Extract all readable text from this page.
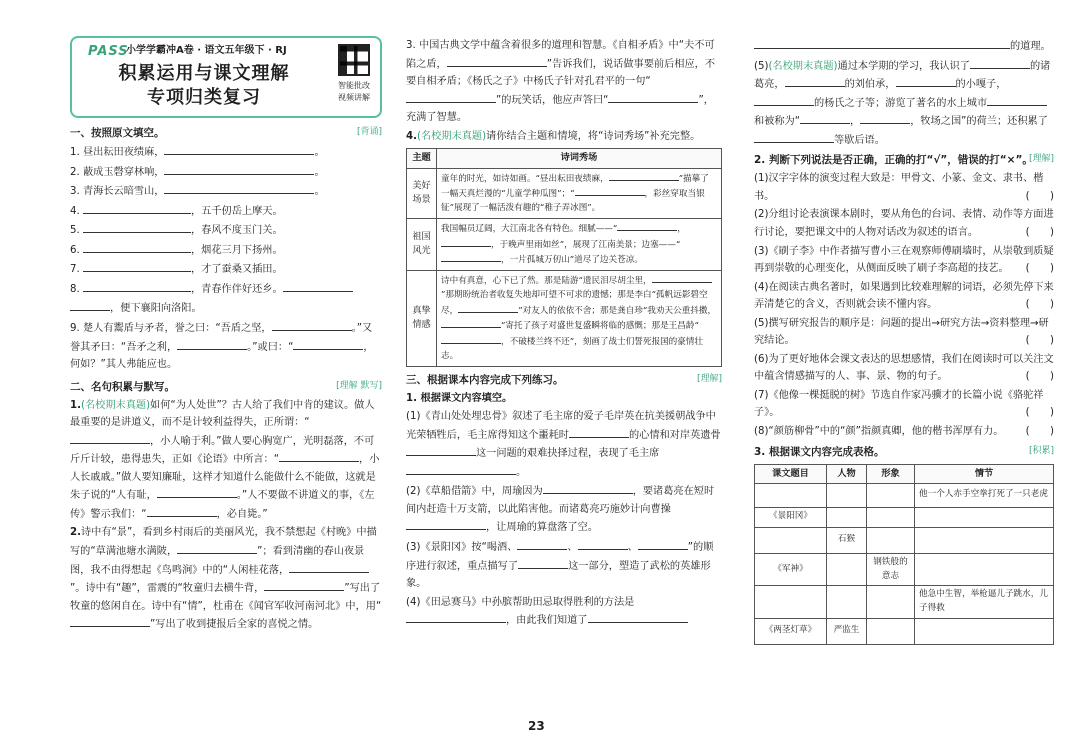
PASS
小学学霸冲A卷 · 语文五年级下 · RJ
积累运用与课文理解
专项归类复习
智能批改
视频讲解
一、按照原文填空。	[背诵]
1. 昼出耘田夜绩麻，	。
2. 蔽成玉磬穿林响，	。
3. 青海长云暗雪山，	。
4.	，五千仞岳上摩天。
5.	，春风不度玉门关。
6.	，烟花三月下扬州。
7.	，才了蚕桑又插田。
8.	，青春作伴好还乡。
，便下襄阳向洛阳。
9. 楚人有鬻盾与矛者，誉之曰：“吾盾之坚，	。”又誉其矛曰：“吾矛之利，	。”或曰：“	，何如？”其人弗能应也。
二、名句积累与默写。	[理解 默写]
1.(名校期末真题)如何“为人处世”？古人给了我们中肯的建议。做人最重要的是讲道义，而不是计较利益得失，正所谓：“，小人喻于利。”做人要心胸宽广，光明磊落，不可斤斤计较，患得患失，正如《论语》中所言：“	，小人长戚戚。”做人要知廉耻，这样才知道什么能做什么不能做，这就是朱子说的“人有耻，	。”人不要做不讲道义的事，《左传》警示我们：“	，必自毙。”
2.诗中有“景”，看到乡村雨后的美丽风光，我不禁想起《村晚》中描写的“草满池塘水满陂，	”；看到清幽的春山夜景图，我不由得想起《鸟鸣涧》中的“人闲桂花落，”。诗中有“趣”，雷震的“牧童归去横牛背，	”写出了牧童的悠闲自在。诗中有“情”，杜甫在《闻官军收河南河北》中，用“”写出了收到捷报后全家的喜悦之情。
3. 中国古典文学中蕴含着很多的道理和智慧。《自相矛盾》中“夫不可陷之盾，	”告诉我们，说话做事要前后相应，不要自相矛盾；《杨氏之子》中杨氏子针对孔君平的一句“”的玩笑话，他应声答曰“	”，充满了智慧。
4.(名校期末真题)请你结合主题和情境，将“诗词秀场”补充完整。
主题	诗词秀场
美好场景	童年的时光，如诗如画。“昼出耘田夜绩麻， ”描摹了一幅天真烂漫的“儿童学种瓜图”；“ ，彩丝穿取当银钲”展现了一幅活泼有趣的“稚子弄冰图”。
祖国风光	我国幅员辽阔，大江南北各有特色。细腻——“ ，，于晚声里雨如丝”，展现了江南美景；边塞——“，一片孤城万仞山”道尽了边关苍凉。
真挚情感	诗中有真意，心下已了然。那是陆游“遗民泪尽胡尘里，”那期盼统治者收复失地却可望不可求的遗憾；那是李白“孤帆远影碧空尽， ”对友人的依依不舍；那是龚自珍“我劝天公重抖擞，”寄托了孩子对盛世复盛瞬将临的感慨；那是王昌龄“，不破楼兰终不还”，刻画了战士们誓死报国的豪情壮志。
三、根据课本内容完成下列练习。	[理解]
1. 根据课文内容填空。
(1)《青山处处埋忠骨》叙述了毛主席的爱子毛岸英在抗美援朝战争中光荣牺牲后，毛主席得知这个噩耗时	的心情和对岸英遗骨这一问题的艰难抉择过程，表现了毛主席。
(2)《草船借箭》中，周瑜因为	，要诸葛亮在短时间内赶造十万支箭，以此陷害他。而诸葛亮巧施妙计向曹操，让周瑜的算盘落了空。
(3)《景阳冈》按“喝酒、	、	、	”的顺序进行叙述，重点描写了	这一部分，塑造了武松的英雄形象。
(4)《田忌赛马》中孙膑帮助田忌取得胜利的方法是，由此我们知道了
的道理。
(5)(名校期末真题)通过本学期的学习，我认识了	的诸葛亮，	的刘伯承，	的小嘎子，的杨氏之子等；游览了著名的水上城市和被称为“	，	，牧场之国”的荷兰；还积累了等歇后语。
2. 判断下列说法是否正确，正确的打“√”，错误的打“×”。
[理解]
(1)汉字字体的演变过程大致是：甲骨文、小篆、金文、隶书、楷书。	(　　)
(2)分组讨论表演课本剧时，要从角色的台词、表情、动作等方面进行讨论，要把课文中的人物对话改为叙述的语言。	(　　)
(3)《刷子李》中作者描写曹小三在观察师傅刷墙时，从崇敬到质疑再到崇敬的心理变化，从侧面反映了刷子李高超的技艺。 (　　)
(4)在阅读古典名著时，如果遇到比较难理解的词语，必须先停下来弄清楚它的含义，否则就会读不懂内容。	(　　)
(5)撰写研究报告的顺序是：问题的提出→研究方法→资料整理→研究结论。	(　　)
(6)为了更好地体会课文表达的思想感情，我们在阅读时可以关注文中蕴含情感描写的人、事、景、物的句子。	(　　)
(7)《他像一棵挺脱的树》节选自作家冯骥才的长篇小说《骆驼祥子》。	(　　)
(8)“颜筋柳骨”中的“颜”指颜真卿，他的楷书浑厚有力。 (　　)
3. 根据课文内容完成表格。	[积累]
课文题目	人物	形象	情节
			他一个人赤手空拳打死了一只老虎
《景阳冈》			
	石猴		
《军神》		钢铁般的意志	
			他急中生智，举枪逼儿子跳水，儿子得救
《两茎灯草》	严监生		
23
